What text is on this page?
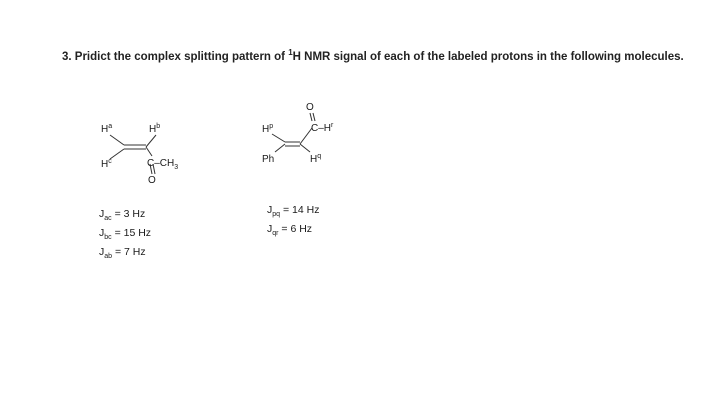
3. Pridict the complex splitting pattern of $^1$H NMR signal of each of the labeled protons in the following molecules.
$H^a$	$H^b$
$H^c$	$C-CH_3$
O
$H^p$
O
$C-H^r$
Ph	$H^q$
$J_{ac} = 3$ Hz
$J_{bc} = 15$ Hz
$J_{ab} = 7$ Hz
$J_{pq} = 14$ Hz
$J_{qr} = 6$ Hz
